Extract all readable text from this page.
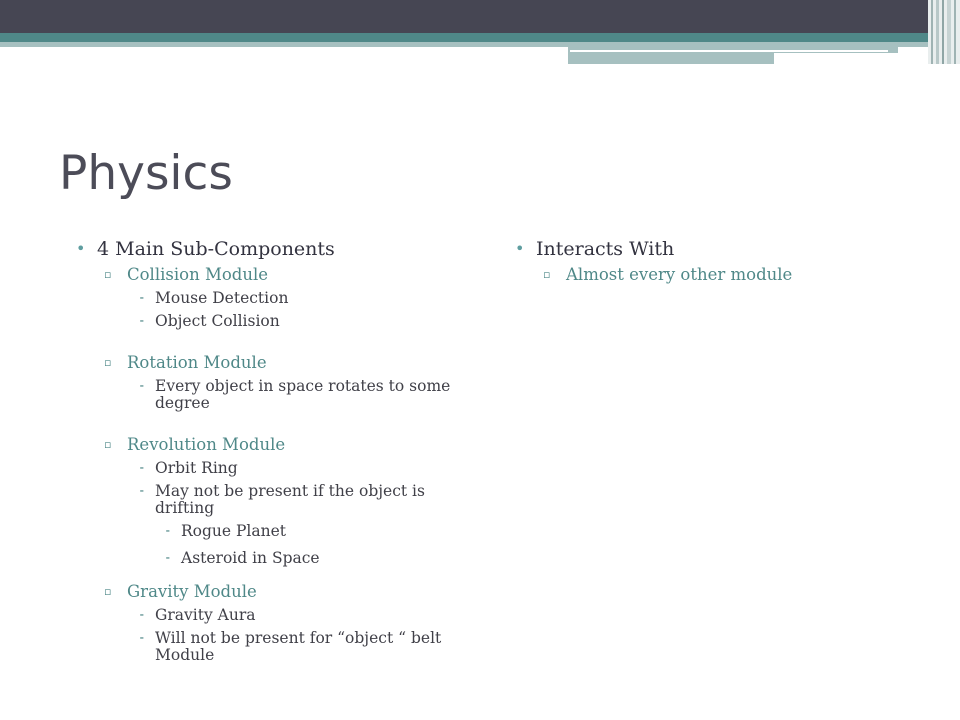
Physics
• 4 Main Sub-Components
▫ Collision Module
⁃ Mouse Detection
⁃ Object Collision
▫ Rotation Module
⁃ Every object in space rotates to some degree
▫ Revolution Module
⁃ Orbit Ring
⁃ May not be present if the object is drifting
⁃ Rogue Planet
⁃ Asteroid in Space
▫ Gravity Module
⁃ Gravity Aura
⁃ Will not be present for “object “ belt Module
• Interacts With
▫ Almost every other module
